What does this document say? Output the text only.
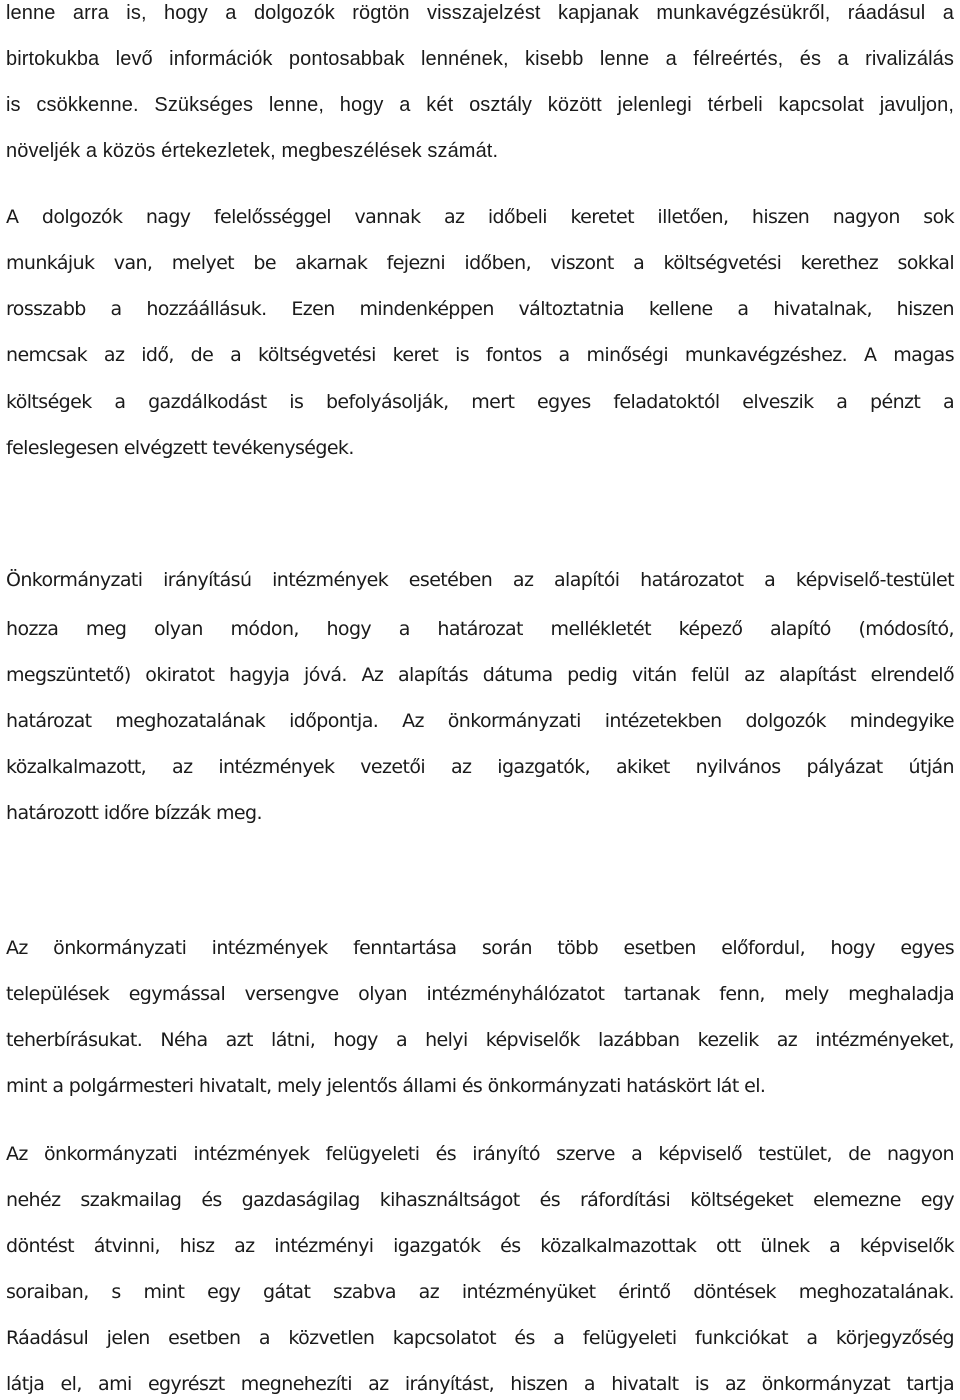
lenne arra is, hogy a dolgozók rögtön visszajelzést kapjanak munkavégzésükről, ráadásul a
birtokukba levő információk pontosabbak lennének, kisebb lenne a félreértés, és a rivalizálás
is csökkenne. Szükséges lenne, hogy a két osztály között jelenlegi térbeli kapcsolat javuljon,
növeljék a közös értekezletek, megbeszélések számát.
A dolgozók nagy felelősséggel vannak az időbeli keretet illetően, hiszen nagyon sok
munkájuk van, melyet be akarnak fejezni időben, viszont a költségvetési kerethez sokkal
rosszabb a hozzáállásuk. Ezen mindenképpen változtatnia kellene a hivatalnak, hiszen
nemcsak az idő, de a költségvetési keret is fontos a minőségi munkavégzéshez. A magas
költségek a gazdálkodást is befolyásolják, mert egyes feladatoktól elveszik a pénzt a
feleslegesen elvégzett tevékenységek.
Önkormányzati irányítású intézmények esetében az alapítói határozatot a képviselő-testület
hozza meg olyan módon, hogy a határozat mellékletét képező alapító (módosító,
megszüntető) okiratot hagyja jóvá. Az alapítás dátuma pedig vitán felül az alapítást elrendelő
határozat meghozatalának időpontja. Az önkormányzati intézetekben dolgozók mindegyike
közalkalmazott, az intézmények vezetői az igazgatók, akiket nyilvános pályázat útján
határozott időre bízzák meg.
Az önkormányzati intézmények fenntartása során több esetben előfordul, hogy egyes
települések egymással versengve olyan intézményhálózatot tartanak fenn, mely meghaladja
teherbírásukat. Néha azt látni, hogy a helyi képviselők lazábban kezelik az intézményeket,
mint a polgármesteri hivatalt, mely jelentős állami és önkormányzati hatáskört lát el.
Az önkormányzati intézmények felügyeleti és irányító szerve a képviselő testület, de nagyon
nehéz szakmailag és gazdaságilag kihasználtságot és ráfordítási költségeket elemezne egy
döntést átvinni, hisz az intézményi igazgatók és közalkalmazottak ott ülnek a képviselők
soraiban, s mint egy gátat szabva az intézményüket érintő döntések meghozatalának.
Ráadásul jelen esetben a közvetlen kapcsolatot és a felügyeleti funkciókat a körjegyzőség
látja el, ami egyrészt megnehezíti az irányítást, hiszen a hivatalt is az önkormányzat tartja
